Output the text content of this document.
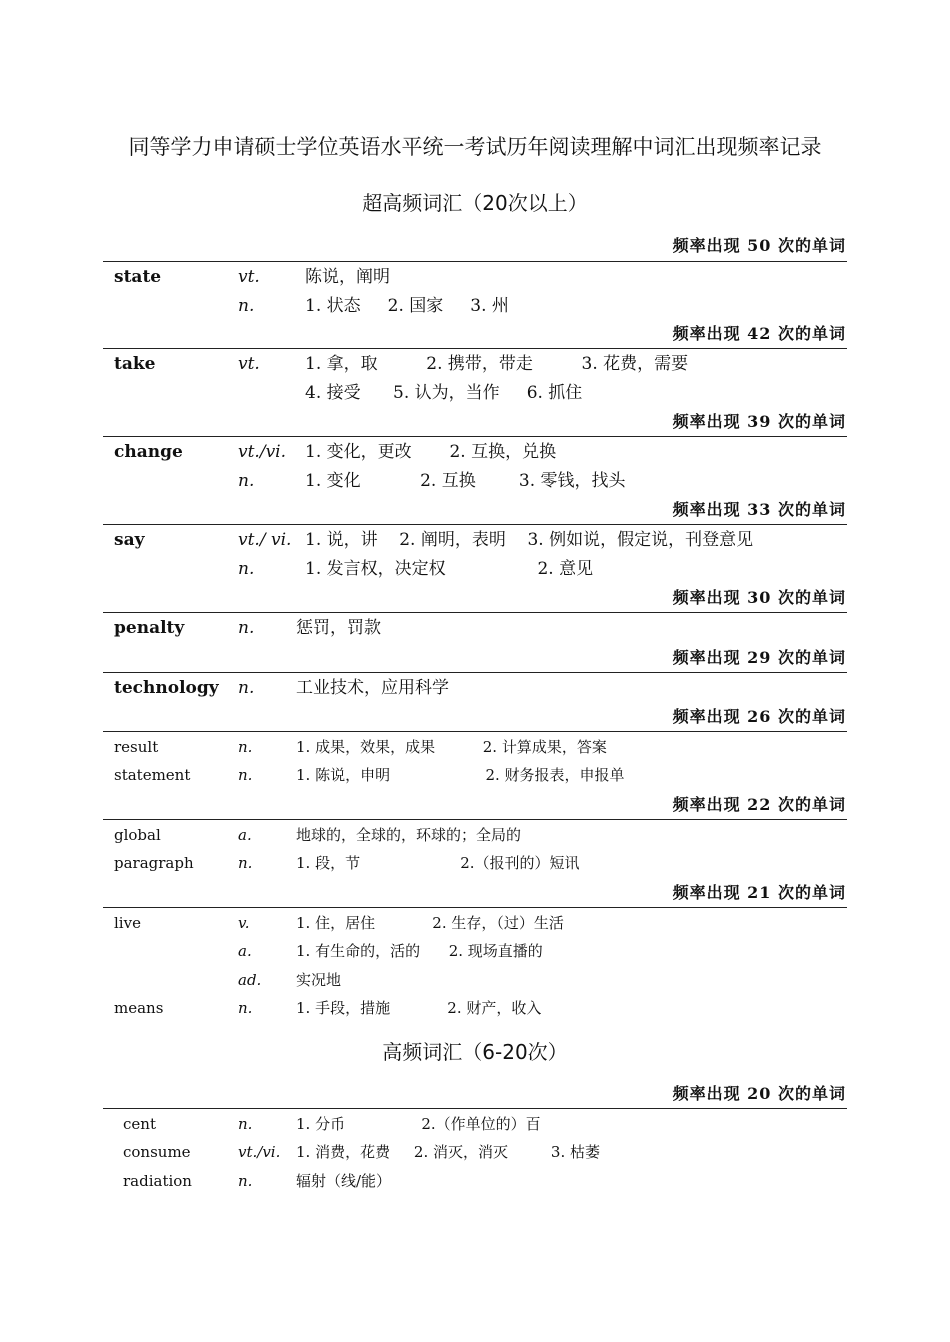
同等学力申请硕士学位英语水平统一考试历年阅读理解中词汇出现频率记录
超高频词汇（20次以上）
频率出现 50 次的单词
state	vt.	陈说，阐明
n.	1. 状态     2. 国家     3. 州
频率出现 42 次的单词
take	vt.	1. 拿，取         2. 携带，带走         3. 花费，需要
4. 接受      5. 认为，当作     6. 抓住
频率出现 39 次的单词
change	vt./vi. 1. 变化，更改       2. 互换，兑换
n.	1. 变化           2. 互换        3. 零钱，找头
频率出现 33 次的单词
say	vt./ vi. 1. 说，讲    2. 阐明，表明    3. 例如说，假定说，刊登意见
n.	1. 发言权，决定权                 2. 意见
频率出现 30 次的单词
penalty	n. 惩罚，罚款
频率出现 29 次的单词
technology n. 工业技术，应用科学
频率出现 26 次的单词
result	n.	1. 成果，效果，成果          2. 计算成果，答案
statement	n.	1. 陈说，申明                    2. 财务报表，申报单
频率出现 22 次的单词
global	a.	地球的，全球的，环球的；全局的
paragraph	n.	1. 段，节                     2.（报刊的）短讯
频率出现 21 次的单词
live	v.	1. 住，居住            2. 生存，（过）生活
a.	1. 有生命的，活的      2. 现场直播的
ad. 实况地
means	n.	1. 手段，措施            2. 财产，收入
高频词汇（6-20次）
频率出现 20 次的单词
cent	n.	1. 分币                2.（作单位的）百
consume	vt./vi. 1. 消费，花费     2. 消灭，消灭         3. 枯萎
radiation	n.	辐射（线/能）
